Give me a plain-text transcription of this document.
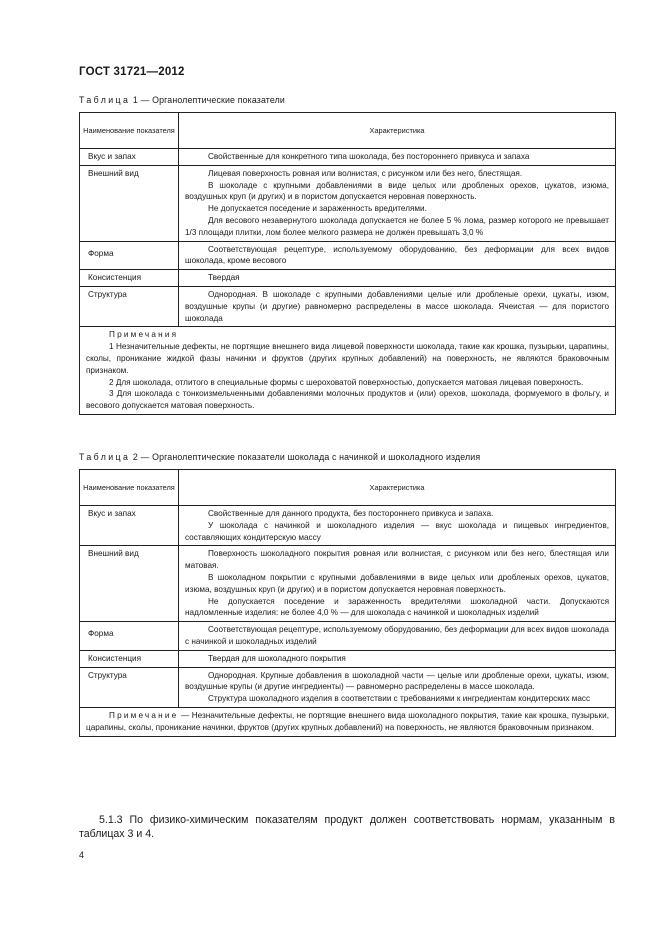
ГОСТ 31721—2012
Таблица 1 — Органолептические показатели
Наименование показателя	Характеристика
Вкус и запах	Свойственные для конкретного типа шоколада, без постороннего привкуса и запаха

Внешний вид	Лицевая поверхность ровная или волнистая, с рисунком или без него, блестящая.

В шоколаде с крупными добавлениями в виде целых или дробленых орехов, цукатов, изюма, воздушных круп (и других) и в пористом допускается неровная поверхность.

Не допускается поседение и зараженность вредителями.

Для весового незавернутого шоколада допускается не более 5 % лома, размер которого не превышает 1/3 площади плитки, лом более мелкого размера не должен превышать 3,0 %

Форма	Соответствующая рецептуре, используемому оборудованию, без деформации для всех видов шоколада, кроме весового

Консистенция	Твердая

Структура	Однородная. В шоколаде с крупными добавлениями целые или дробленые орехи, цукаты, изюм, воздушные крупы (и другие) равномерно распределены в массе шоколада. Ячеистая — для пористого шоколада

Примечания

1 Незначительные дефекты, не портящие внешнего вида лицевой поверхности шоколада, такие как крошка, пузырьки, царапины, сколы, проникание жидкой фазы начинки и фруктов (других крупных добавлений) на поверхность, не являются браковочным признаком.

2 Для шоколада, отлитого в специальные формы с шероховатой поверхностью, допускается матовая лицевая поверхность.

3 Для шоколада с тонкоизмельченными добавлениями молочных продуктов и (или) орехов, шоколада, формуемого в фольгу, и весового допускается матовая поверхность.	

Таблица 2 — Органолептические показатели шоколада с начинкой и шоколадного изделия
Наименование показателя	Характеристика
Вкус и запах	Свойственные для данного продукта, без постороннего привкуса и запаха.

У шоколада с начинкой и шоколадного изделия — вкус шоколада и пищевых ингредиентов, составляющих кондитерскую массу

Внешний вид	Поверхность шоколадного покрытия ровная или волнистая, с рисунком или без него, блестящая или матовая.

В шоколадном покрытии с крупными добавлениями в виде целых или дробленых орехов, цукатов, изюма, воздушных круп (и других) и в пористом допускается неровная поверхность.

Не допускается поседение и зараженность вредителями шоколадной части. Допускаются надломленные изделия: не более 4,0 % — для шоколада с начинкой и шоколадных изделий

Форма	Соответствующая рецептуре, используемому оборудованию, без деформации для всех видов шоколада с начинкой и шоколадных изделий

Консистенция	Твердая для шоколадного покрытия

Структура	Однородная. Крупные добавления в шоколадной части — целые или дробленые орехи, цукаты, изюм, воздушные крупы (и другие ингредиенты) — равномерно распределены в массе шоколада.

Структура шоколадного изделия в соответствии с требованиями к ингредиентам кондитерских масс

Примечание — Незначительные дефекты, не портящие внешнего вида шоколадного покрытия, такие как крошка, пузырьки, царапины, сколы, проникание начинки, фруктов (других крупных добавлений) на поверхность, не являются браковочным признаком.	

5.1.3 По физико-химическим показателям продукт должен соответствовать нормам, указанным в таблицах 3 и 4.

4
